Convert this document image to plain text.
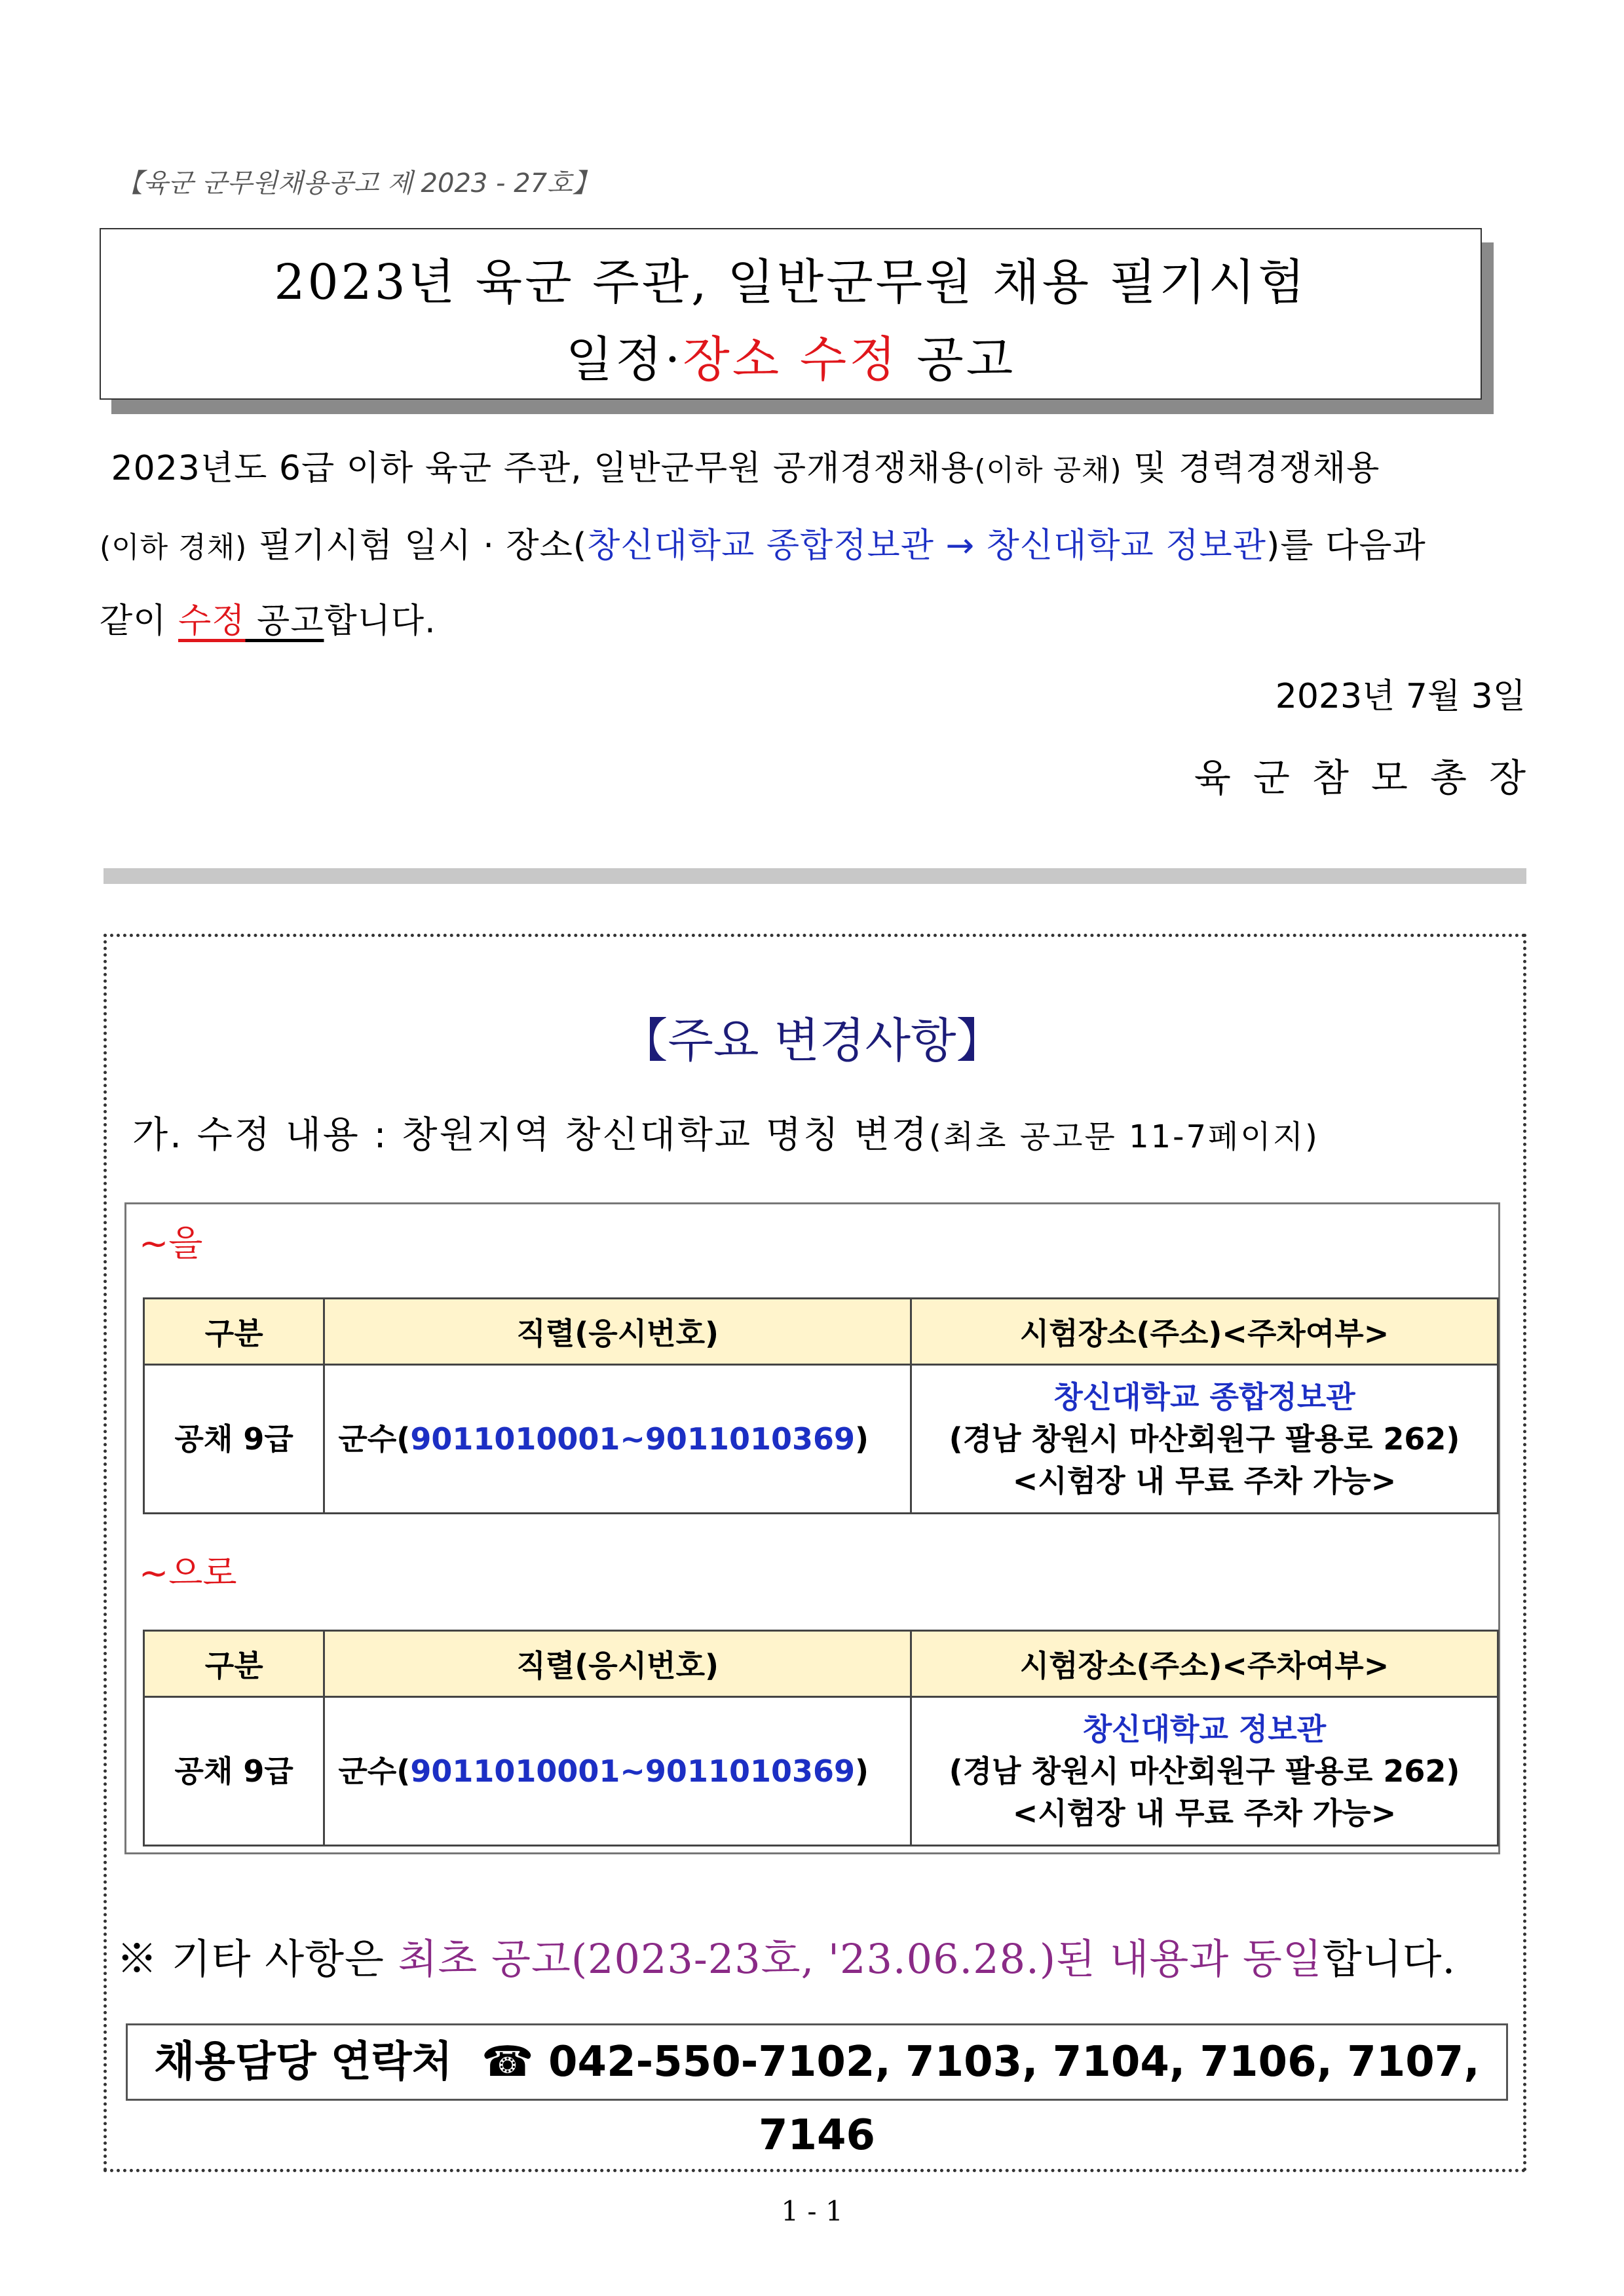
【육군 군무원채용공고 제 2023 - 27호】
2023년 육군 주관, 일반군무원 채용 필기시험
일정·장소 수정 공고
2023년도 6급 이하 육군 주관, 일반군무원 공개경쟁채용(이하 공채) 및 경력경쟁채용
(이하 경채) 필기시험 일시 · 장소(창신대학교 종합정보관 → 창신대학교 정보관)를 다음과
같이 수정 공고합니다.
2023년 7월 3일
육군참모총장
【주요 변경사항】
가. 수정 내용 : 창원지역 창신대학교 명칭 변경(최초 공고문 11-7페이지)
~을
구분	직렬(응시번호)	시험장소(주소)<주차여부>
공채 9급	군수(9011010001~9011010369)	창신대학교 종합정보관
(경남 창원시 마산회원구 팔용로 262)
<시험장 내 무료 주차 가능>
~으로
구분	직렬(응시번호)	시험장소(주소)<주차여부>
공채 9급	군수(9011010001~9011010369)	창신대학교 정보관
(경남 창원시 마산회원구 팔용로 262)
<시험장 내 무료 주차 가능>
※ 기타 사항은 최초 공고(2023-23호, '23.06.28.)된 내용과 동일합니다.
채용담당 연락처 ☎ 042-550-7102, 7103, 7104, 7106, 7107, 7146
1 - 1
